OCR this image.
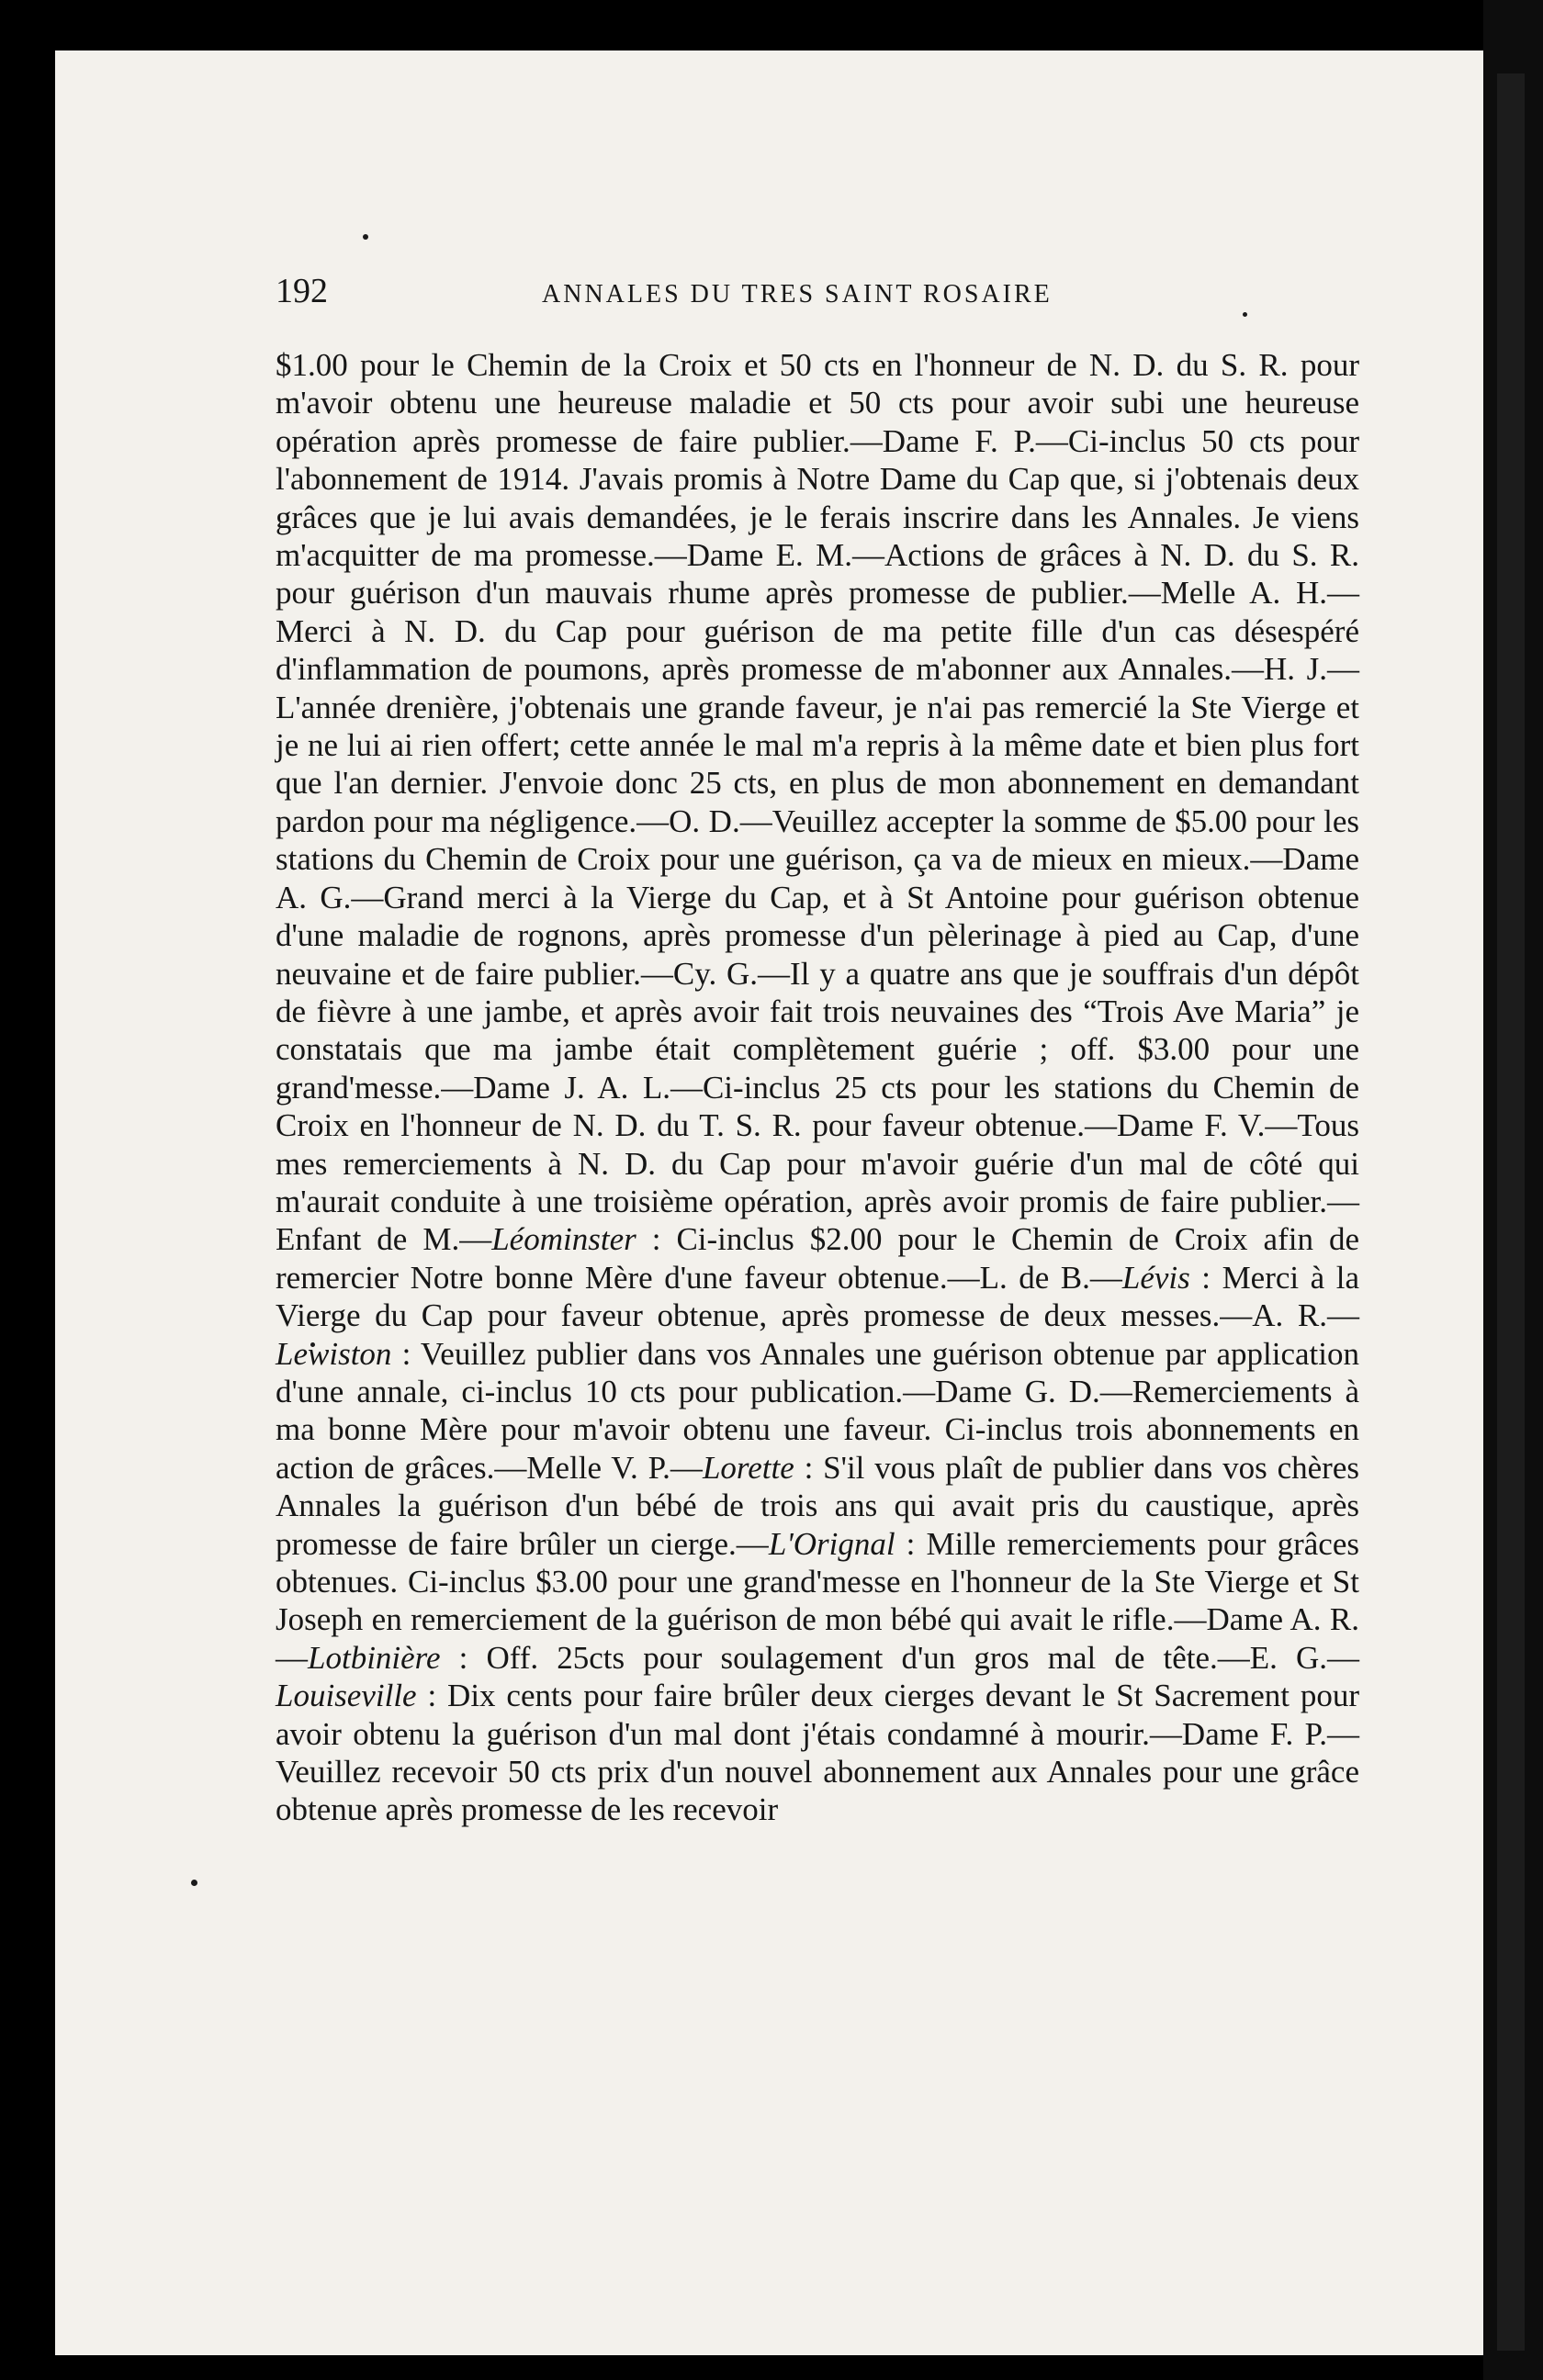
192	ANNALES DU TRES SAINT ROSAIRE

$1.00 pour le Chemin de la Croix et 50 cts en l'honneur de N. D. du S. R. pour m'avoir obtenu une heureuse maladie et 50 cts pour avoir subi une heureuse opération après promesse de faire publier.—Dame F. P.—Ci-inclus 50 cts pour l'abonnement de 1914. J'avais promis à Notre Dame du Cap que, si j'obtenais deux grâces que je lui avais demandées, je le ferais inscrire dans les Annales. Je viens m'acquitter de ma promesse.—Dame E. M.—Actions de grâces à N. D. du S. R. pour guérison d'un mauvais rhume après promesse de publier.—Melle A. H.—Merci à N. D. du Cap pour guérison de ma petite fille d'un cas désespéré d'inflammation de poumons, après promesse de m'abonner aux Annales.—H. J.—L'année drenière, j'obtenais une grande faveur, je n'ai pas remercié la Ste Vierge et je ne lui ai rien offert; cette année le mal m'a repris à la même date et bien plus fort que l'an dernier. J'envoie donc 25 cts, en plus de mon abonnement en demandant pardon pour ma négligence.—O. D.—Veuillez accepter la somme de $5.00 pour les stations du Chemin de Croix pour une guérison, ça va de mieux en mieux.—Dame A. G.—Grand merci à la Vierge du Cap, et à St Antoine pour guérison obtenue d'une maladie de rognons, après promesse d'un pèlerinage à pied au Cap, d'une neuvaine et de faire publier.—Cy. G.—Il y a quatre ans que je souffrais d'un dépôt de fièvre à une jambe, et après avoir fait trois neuvaines des “Trois Ave Maria” je constatais que ma jambe était complètement guérie ; off. $3.00 pour une grand'messe.—Dame J. A. L.—Ci-inclus 25 cts pour les stations du Chemin de Croix en l'honneur de N. D. du T. S. R. pour faveur obtenue.—Dame F. V.—Tous mes remerciements à N. D. du Cap pour m'avoir guérie d'un mal de côté qui m'aurait conduite à une troisième opération, après avoir promis de faire publier.—Enfant de M.—Léominster : Ci-inclus $2.00 pour le Chemin de Croix afin de remercier Notre bonne Mère d'une faveur obtenue.—L. de B.—Lévis : Merci à la Vierge du Cap pour faveur obtenue, après promesse de deux messes.—A. R.—Lewiston : Veuillez publier dans vos Annales une guérison obtenue par application d'une annale, ci-inclus 10 cts pour publication.—Dame G. D.—Remerciements à ma bonne Mère pour m'avoir obtenu une faveur. Ci-inclus trois abonnements en action de grâces.—Melle V. P.—Lorette : S'il vous plaît de publier dans vos chères Annales la guérison d'un bébé de trois ans qui avait pris du caustique, après promesse de faire brûler un cierge.—L'Orignal : Mille remerciements pour grâces obtenues. Ci-inclus $3.00 pour une grand'messe en l'honneur de la Ste Vierge et St Joseph en remerciement de la guérison de mon bébé qui avait le rifle.—Dame A. R.—Lotbinière : Off. 25cts pour soulagement d'un gros mal de tête.—E. G.—Louiseville : Dix cents pour faire brûler deux cierges devant le St Sacrement pour avoir obtenu la guérison d'un mal dont j'étais condamné à mourir.—Dame F. P.—Veuillez recevoir 50 cts prix d'un nouvel abonnement aux Annales pour une grâce obtenue après promesse de les recevoir
